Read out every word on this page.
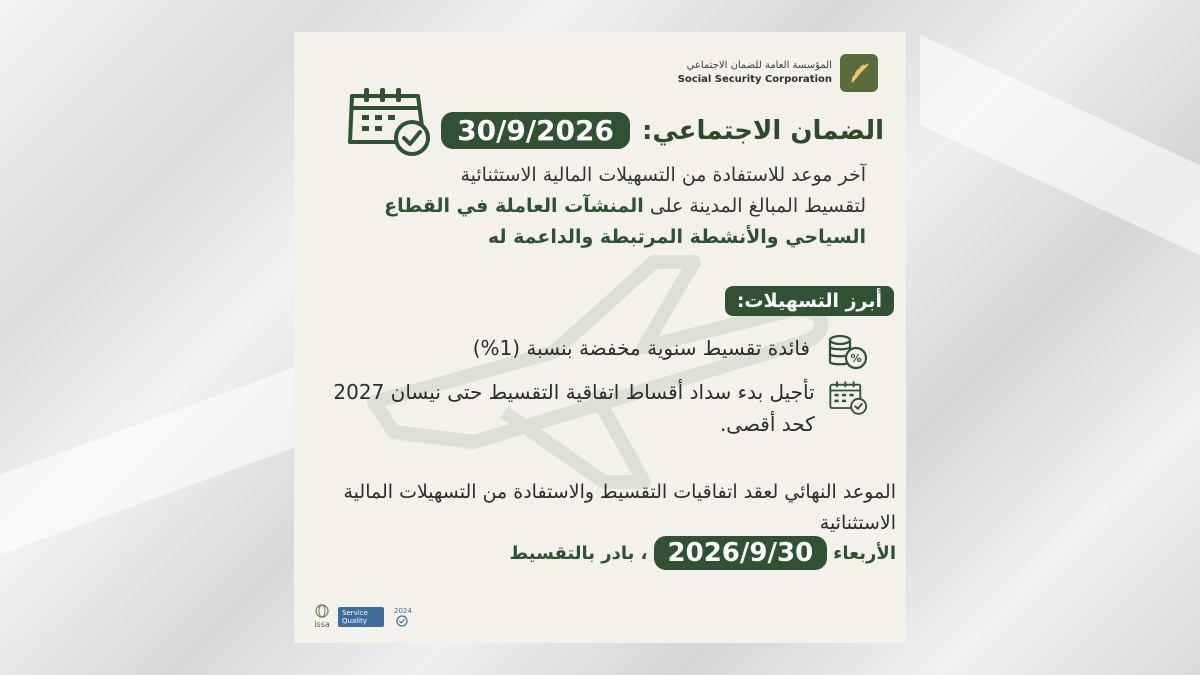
المؤسسة العامة للضمان الاجتماعي
Social Security Corporation
الضمان الاجتماعي:
30/9/2026
آخر موعد للاستفادة من التسهيلات المالية الاستثنائية
لتقسيط المبالغ المدينة على المنشآت العاملة في القطاع
السياحي والأنشطة المرتبطة والداعمة له
أبرز التسهيلات:
%
فائدة تقسيط سنوية مخفضة بنسبة (1%)
تأجيل بدء سداد أقساط اتفاقية التقسيط حتى نيسان 2027 كحد أقصى.
الموعد النهائي لعقد اتفاقيات التقسيط والاستفادة من التسهيلات المالية الاستثنائية
الأربعاء
2026/9/30
، بادر بالتقسيط
issa
Service Quality
2024
